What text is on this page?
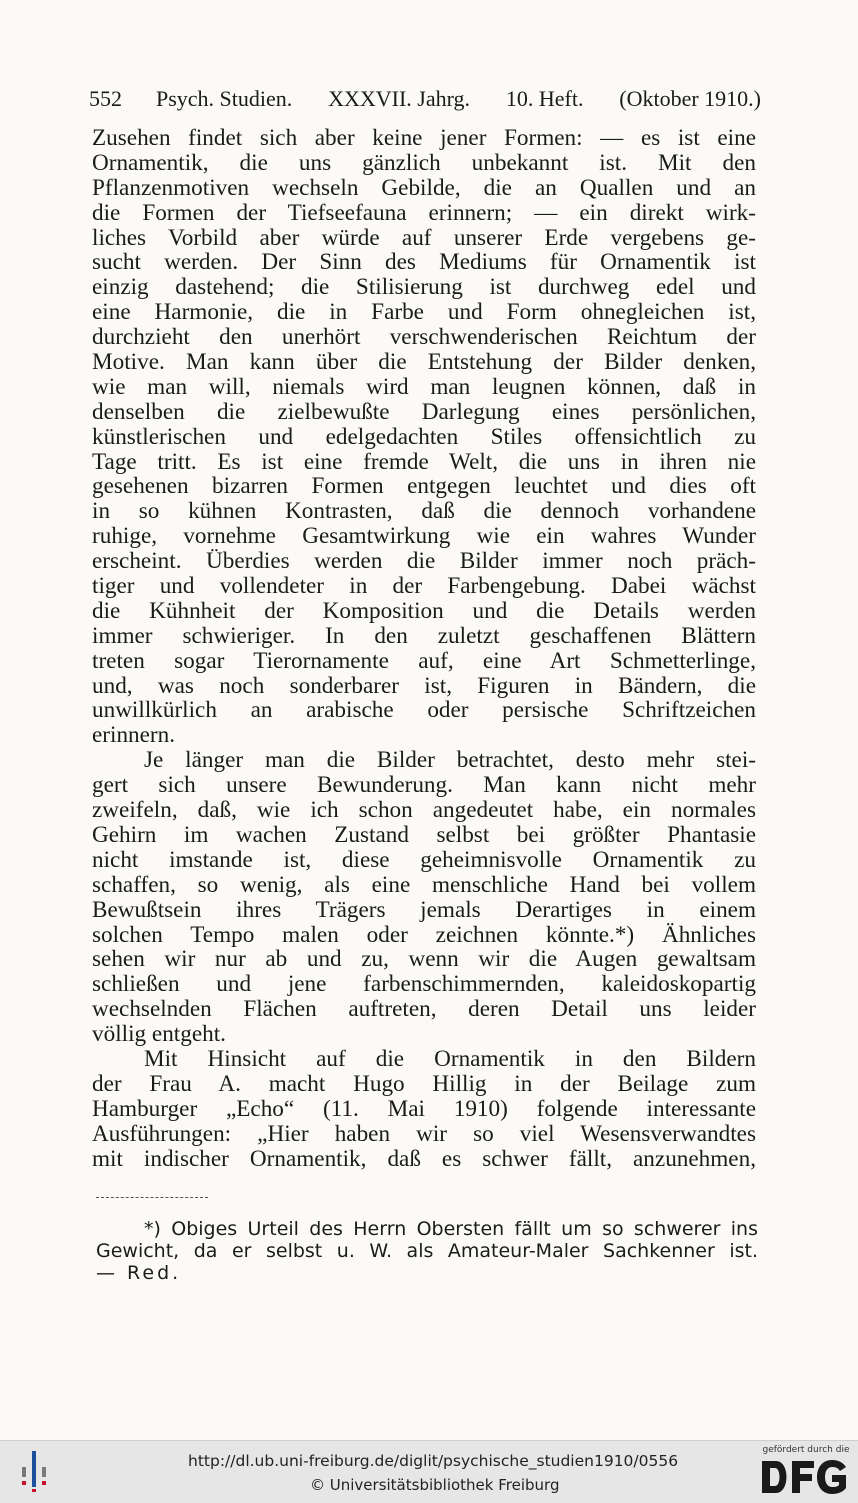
552 Psych. Studien. XXXVII. Jahrg. 10. Heft. (Oktober 1910.)
Zusehen findet sich aber keine jener Formen: — es ist eine
Ornamentik, die uns gänzlich unbekannt ist. Mit den
Pflanzenmotiven wechseln Gebilde, die an Quallen und an
die Formen der Tiefseefauna erinnern; — ein direkt wirk-
liches Vorbild aber würde auf unserer Erde vergebens ge-
sucht werden. Der Sinn des Mediums für Ornamentik ist
einzig dastehend; die Stilisierung ist durchweg edel und
eine Harmonie, die in Farbe und Form ohnegleichen ist,
durchzieht den unerhört verschwenderischen Reichtum der
Motive. Man kann über die Entstehung der Bilder denken,
wie man will, niemals wird man leugnen können, daß in
denselben die zielbewußte Darlegung eines persönlichen,
künstlerischen und edelgedachten Stiles offensichtlich zu
Tage tritt. Es ist eine fremde Welt, die uns in ihren nie
gesehenen bizarren Formen entgegen leuchtet und dies oft
in so kühnen Kontrasten, daß die dennoch vorhandene
ruhige, vornehme Gesamtwirkung wie ein wahres Wunder
erscheint. Überdies werden die Bilder immer noch präch-
tiger und vollendeter in der Farbengebung. Dabei wächst
die Kühnheit der Komposition und die Details werden
immer schwieriger. In den zuletzt geschaffenen Blättern
treten sogar Tierornamente auf, eine Art Schmetterlinge,
und, was noch sonderbarer ist, Figuren in Bändern, die
unwillkürlich an arabische oder persische Schriftzeichen
erinnern.
Je länger man die Bilder betrachtet, desto mehr stei-
gert sich unsere Bewunderung. Man kann nicht mehr
zweifeln, daß, wie ich schon angedeutet habe, ein normales
Gehirn im wachen Zustand selbst bei größter Phantasie
nicht imstande ist, diese geheimnisvolle Ornamentik zu
schaffen, so wenig, als eine menschliche Hand bei vollem
Bewußtsein ihres Trägers jemals Derartiges in einem
solchen Tempo malen oder zeichnen könnte.*) Ähnliches
sehen wir nur ab und zu, wenn wir die Augen gewaltsam
schließen und jene farbenschimmernden, kaleidoskopartig
wechselnden Flächen auftreten, deren Detail uns leider
völlig entgeht.
Mit Hinsicht auf die Ornamentik in den Bildern
der Frau A. macht Hugo Hillig in der Beilage zum
Hamburger „Echo“ (11. Mai 1910) folgende interessante
Ausführungen: „Hier haben wir so viel Wesensverwandtes
mit indischer Ornamentik, daß es schwer fällt, anzunehmen,
*) Obiges Urteil des Herrn Obersten fällt um so schwerer ins
Gewicht, da er selbst u. W. als Amateur-Maler Sachkenner ist.
— Red.
http://dl.ub.uni-freiburg.de/diglit/psychische_studien1910/0556
© Universitätsbibliothek Freiburg
gefördert durch die
